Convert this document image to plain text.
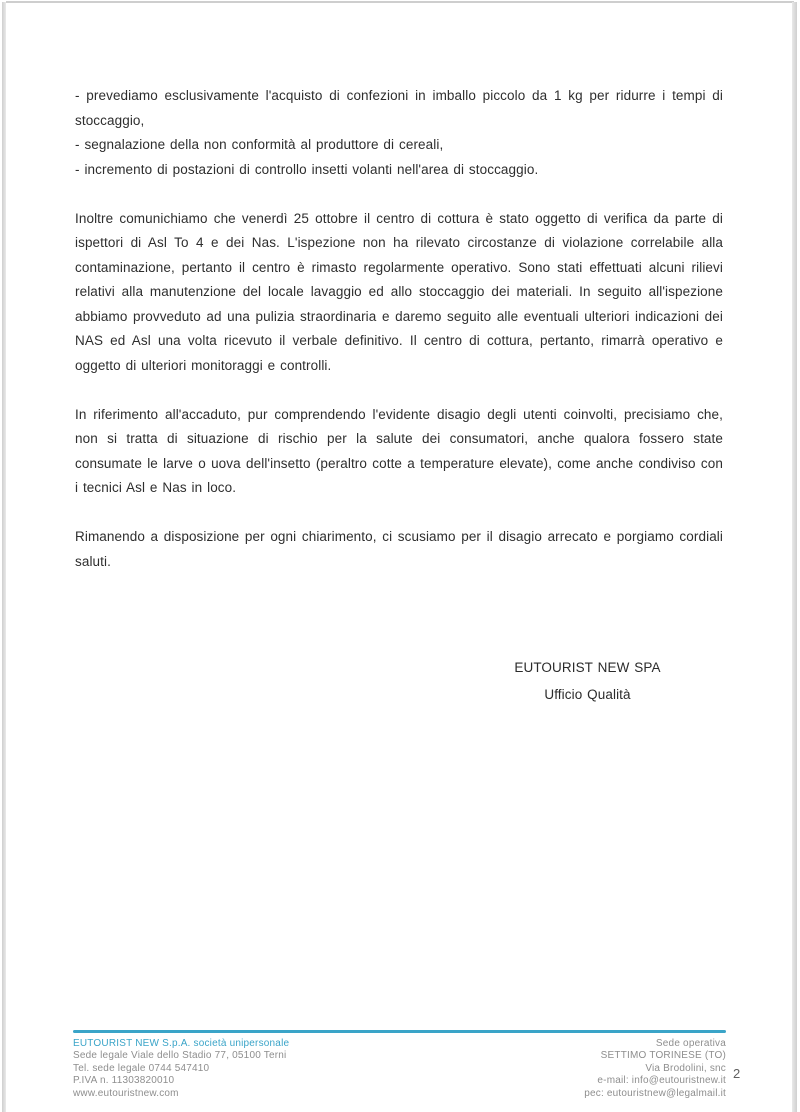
- prevediamo esclusivamente l'acquisto di confezioni in imballo piccolo da 1 kg per ridurre i tempi di stoccaggio,
- segnalazione della non conformità al produttore di cereali,
- incremento di postazioni di controllo insetti volanti nell'area di stoccaggio.
Inoltre comunichiamo che venerdì 25 ottobre il centro di cottura è stato oggetto di verifica da parte di ispettori di Asl To 4 e dei Nas. L'ispezione non ha rilevato circostanze di violazione correlabile alla contaminazione, pertanto il centro è rimasto regolarmente operativo. Sono stati effettuati alcuni rilievi relativi alla manutenzione del locale lavaggio ed allo stoccaggio dei materiali. In seguito all'ispezione abbiamo provveduto ad una pulizia straordinaria e daremo seguito alle eventuali ulteriori indicazioni dei NAS ed Asl una volta ricevuto il verbale definitivo. Il centro di cottura, pertanto, rimarrà operativo e oggetto di ulteriori monitoraggi e controlli.
In riferimento all'accaduto, pur comprendendo l'evidente disagio degli utenti coinvolti, precisiamo che, non si tratta di situazione di rischio per la salute dei consumatori, anche qualora fossero state consumate le larve o uova dell'insetto (peraltro cotte a temperature elevate), come anche condiviso con i tecnici Asl e Nas in loco.
Rimanendo a disposizione per ogni chiarimento, ci scusiamo per il disagio arrecato e porgiamo cordiali saluti.
EUTOURIST NEW SPA
Ufficio Qualità
EUTOURIST NEW S.p.A. società unipersonale
Sede legale Viale dello Stadio 77, 05100 Terni
Tel. sede legale 0744 547410
P.IVA n. 11303820010
www.eutouristnew.com
Sede operativa
SETTIMO TORINESE (TO)
Via Brodolini, snc
e-mail: info@eutouristnew.it
pec: eutouristnew@legalmail.it
2
